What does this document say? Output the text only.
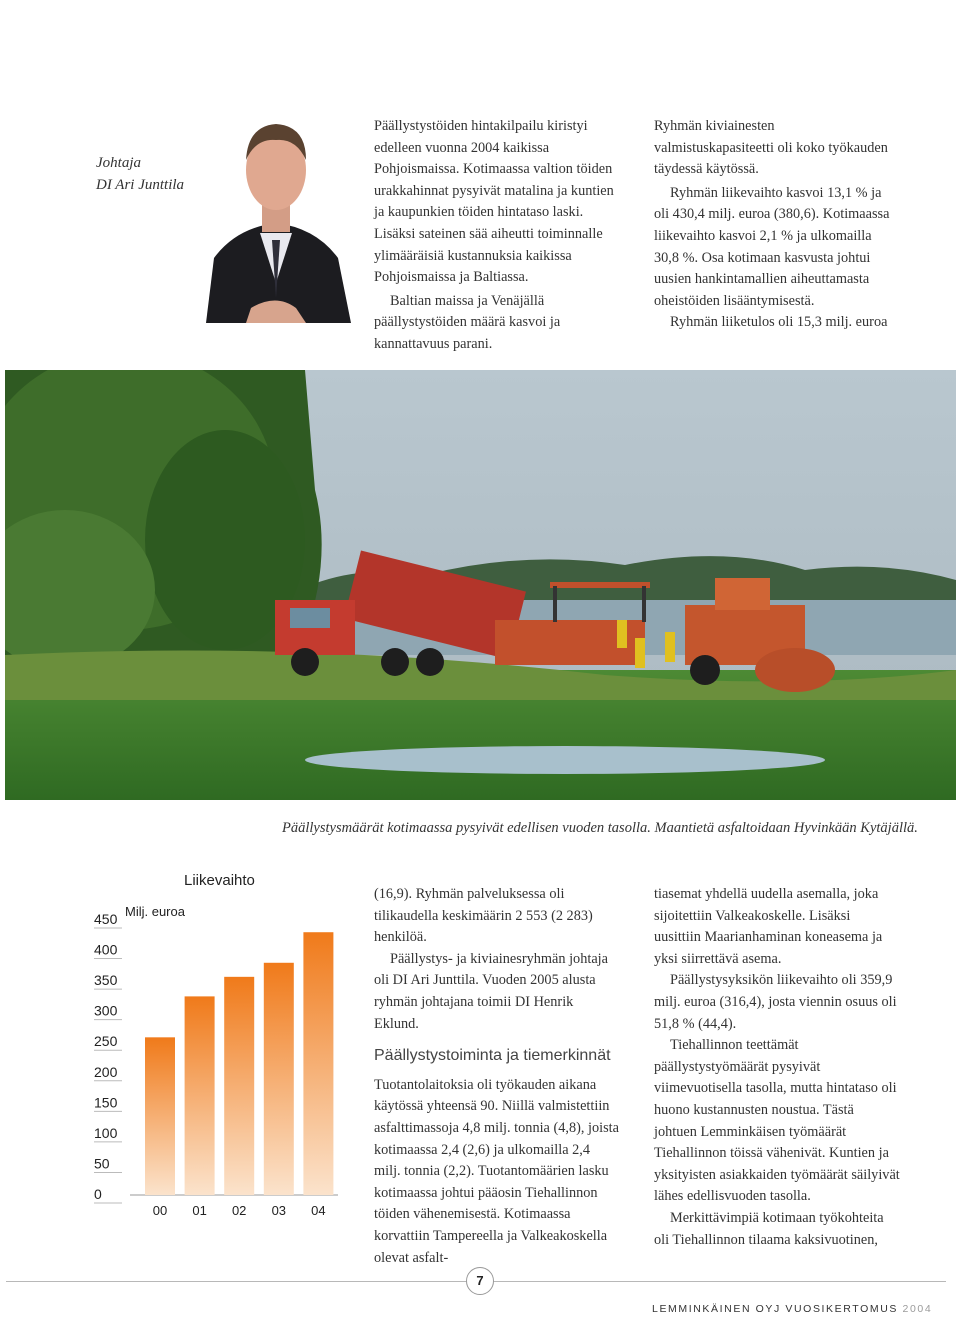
Johtaja
DI Ari Junttila

Päällystystöiden hintakilpailu kiristyi edelleen vuonna 2004 kaikissa Pohjoismaissa. Kotimaassa valtion töiden urakkahinnat pysyivät matalina ja kuntien ja kaupunkien töiden hintataso laski. Lisäksi sateinen sää aiheutti toiminnalle ylimääräisiä kustannuksia kaikissa Pohjoismaissa ja Baltiassa.

Baltian maissa ja Venäjällä päällystystöiden määrä kasvoi ja kannattavuus parani.

Ryhmän kiviainesten valmistuskapasiteetti oli koko työkauden täydessä käytössä.

Ryhmän liikevaihto kasvoi 13,1 % ja oli 430,4 milj. euroa (380,6). Kotimaassa liikevaihto kasvoi 2,1 % ja ulkomailla 30,8 %. Osa kotimaan kasvusta johtui uusien hankintamallien aiheuttamasta oheistöiden lisääntymisestä.

Ryhmän liiketulos oli 15,3 milj. euroa

Päällystysmäärät kotimaassa pysyivät edellisen vuoden tasolla. Maantietä asfaltoidaan Hyvinkään Kytäjällä.
Liikevaihto
Milj. euroa
450
400
350
300
250
200
150
100
50
0
00 01 02 03 04

(16,9). Ryhmän palveluksessa oli tilikaudella keskimäärin 2 553 (2 283) henkilöä.

Päällystys- ja kiviainesryhmän johtaja oli DI Ari Junttila. Vuoden 2005 alusta ryhmän johtajana toimii DI Henrik Eklund.

Päällystystoiminta ja tiemerkinnät

Tuotantolaitoksia oli työkauden aikana käytössä yhteensä 90. Niillä valmistettiin asfalttimassoja 4,8 milj. tonnia (4,8), joista kotimaassa 2,4 (2,6) ja ulkomailla 2,4 milj. tonnia (2,2). Tuotantomäärien lasku kotimaassa johtui pääosin Tiehallinnon töiden vähenemisestä. Kotimaassa korvattiin Tampereella ja Valkeakoskella olevat asfalt-

tiasemat yhdellä uudella asemalla, joka sijoitettiin Valkeakoskelle. Lisäksi uusittiin Maarianhaminan koneasema ja yksi siirrettävä asema.

Päällystysyksikön liikevaihto oli 359,9 milj. euroa (316,4), josta viennin osuus oli 51,8 % (44,4).

Tiehallinnon teettämät päällystystyömäärät pysyivät viimevuotisella tasolla, mutta hintataso oli huono kustannusten noustua. Tästä johtuen Lemminkäisen työmäärät Tiehallinnon töissä vähenivät. Kuntien ja yksityisten asiakkaiden työmäärät säilyivät lähes edellisvuoden tasolla.

Merkittävimpiä kotimaan työkohteita oli Tiehallinnon tilaama kaksivuotinen,

7
LEMMINKÄINEN OYJ VUOSIKERTOMUS 2004
